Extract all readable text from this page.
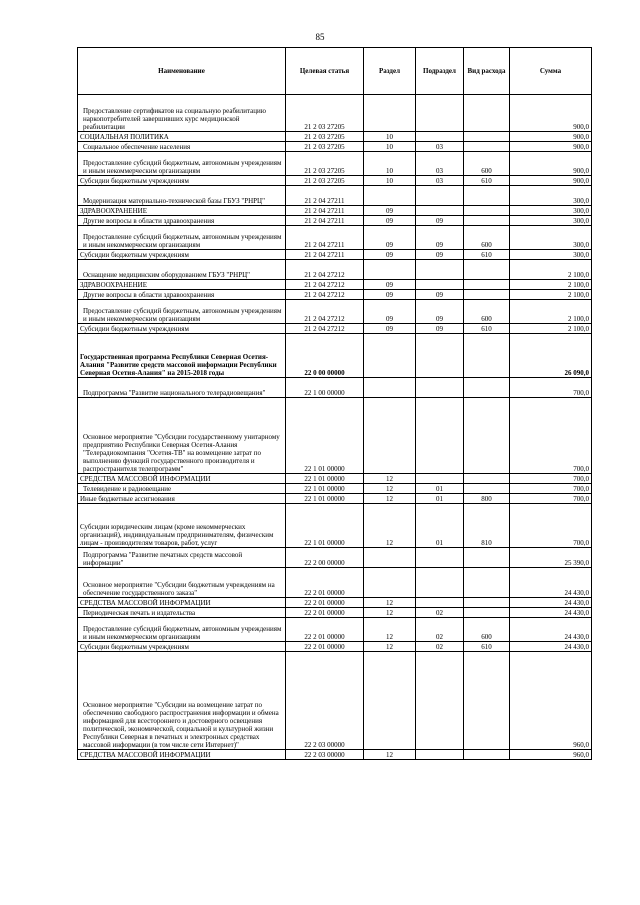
85
Наименование	Целевая статья	Раздел	Подраздел	Вид расхода	Сумма
Предоставление сертификатов на социальную реабилитацию наркопотребителей завершивших курс медицинской реабилитации	21 2 03 27205				900,0
СОЦИАЛЬНАЯ ПОЛИТИКА	21 2 03 27205	10			900,0
Социальное обеспечение населения	21 2 03 27205	10	03		900,0
Предоставление субсидий бюджетным, автономным учреждениям и иным некоммерческим организациям	21 2 03 27205	10	03	600	900,0
Субсидии бюджетным учреждениям	21 2 03 27205	10	03	610	900,0
Модернизация материально-технической базы ГБУЗ "РНРЦ"	21 2 04 27211				300,0
ЗДРАВООХРАНЕНИЕ	21 2 04 27211	09			300,0
Другие вопросы в области здравоохранения	21 2 04 27211	09	09		300,0
Предоставление субсидий бюджетным, автономным учреждениям и иным некоммерческим организациям	21 2 04 27211	09	09	600	300,0
Субсидии бюджетным учреждениям	21 2 04 27211	09	09	610	300,0
Оснащение медицинским оборудованием ГБУЗ "РНРЦ"	21 2 04 27212				2 100,0
ЗДРАВООХРАНЕНИЕ	21 2 04 27212	09			2 100,0
Другие вопросы в области здравоохранения	21 2 04 27212	09	09		2 100,0
Предоставление субсидий бюджетным, автономным учреждениям и иным некоммерческим организациям	21 2 04 27212	09	09	600	2 100,0
Субсидии бюджетным учреждениям	21 2 04 27212	09	09	610	2 100,0
Государственная программа Республики Северная Осетия-Алания "Развитие средств массовой информации Республики Северная Осетия-Алания" на 2015-2018 годы	22 0 00 00000				26 090,0
Подпрограмма "Развитие национального телерадиовещания"	22 1 00 00000				700,0
Основное мероприятие "Субсидии государственному унитарному предприятию Республики Северная Осетия-Алания "Телерадиокомпания "Осетия-ТВ" на возмещение затрат по выполнению функций государственного производителя и распространителя телепрограмм"	22 1 01 00000				700,0
СРЕДСТВА МАССОВОЙ ИНФОРМАЦИИ	22 1 01 00000	12			700,0
Телевидение и радиовещание	22 1 01 00000	12	01		700,0
Иные бюджетные ассигнования	22 1 01 00000	12	01	800	700,0
Субсидии юридическим лицам (кроме некоммерческих организаций), индивидуальным предпринимателям, физическим лицам - производителям товаров, работ, услуг	22 1 01 00000	12	01	810	700,0
Подпрограмма "Развитие печатных средств массовой информации"	22 2 00 00000				25 390,0
Основное мероприятие "Субсидии бюджетным учреждениям на обеспечение государственного заказа"	22 2 01 00000				24 430,0
СРЕДСТВА МАССОВОЙ ИНФОРМАЦИИ	22 2 01 00000	12			24 430,0
Периодическая печать и издательства	22 2 01 00000	12	02		24 430,0
Предоставление субсидий бюджетным, автономным учреждениям и иным некоммерческим организациям	22 2 01 00000	12	02	600	24 430,0
Субсидии бюджетным учреждениям	22 2 01 00000	12	02	610	24 430,0
Основное мероприятие "Субсидии на возмещение затрат по обеспечению свободного распространения информации и обмена информацией для всестороннего и достоверного освещения политической, экономической, социальной и культурной жизни Республики Северная в печатных и электронных средствах массовой информации (в том числе сети Интернет)"	22 2 03 00000				960,0
СРЕДСТВА МАССОВОЙ ИНФОРМАЦИИ	22 2 03 00000	12			960,0
